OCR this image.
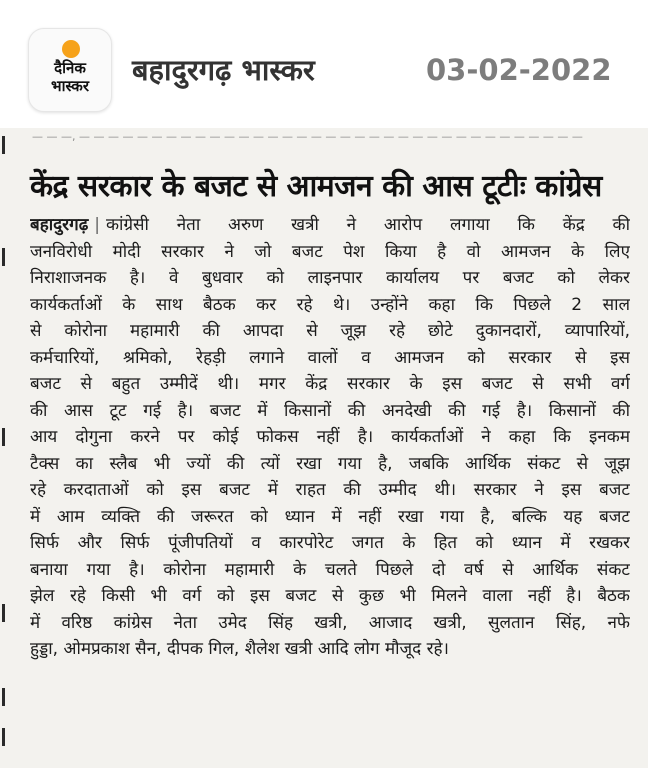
दैनिक
भास्कर	बहादुरगढ़ भास्कर	03-02-2022
— — —, — — — — — — — — — — — — — — — — — — — — — — — — — — — — — — — — — — —
केंद्र सरकार के बजट से आमजन की आस टूटीः कांग्रेस
बहादुरगढ़ | कांग्रेसी नेता अरुण खत्री ने आरोप लगाया कि केंद्र की
जनविरोधी मोदी सरकार ने जो बजट पेश किया है वो आमजन के लिए
निराशाजनक है। वे बुधवार को लाइनपार कार्यालय पर बजट को लेकर
कार्यकर्ताओं के साथ बैठक कर रहे थे। उन्होंने कहा कि पिछले 2 साल
से कोरोना महामारी की आपदा से जूझ रहे छोटे दुकानदारों, व्यापारियों,
कर्मचारियों, श्रमिको, रेहड़ी लगाने वालों व आमजन को सरकार से इस
बजट से बहुत उम्मीदें थी। मगर केंद्र सरकार के इस बजट से सभी वर्ग
की आस टूट गई है। बजट में किसानों की अनदेखी की गई है। किसानों की
आय दोगुना करने पर कोई फोकस नहीं है। कार्यकर्ताओं ने कहा कि इनकम
टैक्स का स्लैब भी ज्यों की त्यों रखा गया है, जबकि आर्थिक संकट से जूझ
रहे करदाताओं को इस बजट में राहत की उम्मीद थी। सरकार ने इस बजट
में आम व्यक्ति की जरूरत को ध्यान में नहीं रखा गया है, बल्कि यह बजट
सिर्फ और सिर्फ पूंजीपतियों व कारपोरेट जगत के हित को ध्यान में रखकर
बनाया गया है। कोरोना महामारी के चलते पिछले दो वर्ष से आर्थिक संकट
झेल रहे किसी भी वर्ग को इस बजट से कुछ भी मिलने वाला नहीं है। बैठक
में वरिष्ठ कांग्रेस नेता उमेद सिंह खत्री, आजाद खत्री, सुलतान सिंह, नफे
हुड्डा, ओमप्रकाश सैन, दीपक गिल, शैलेश खत्री आदि लोग मौजूद रहे।
